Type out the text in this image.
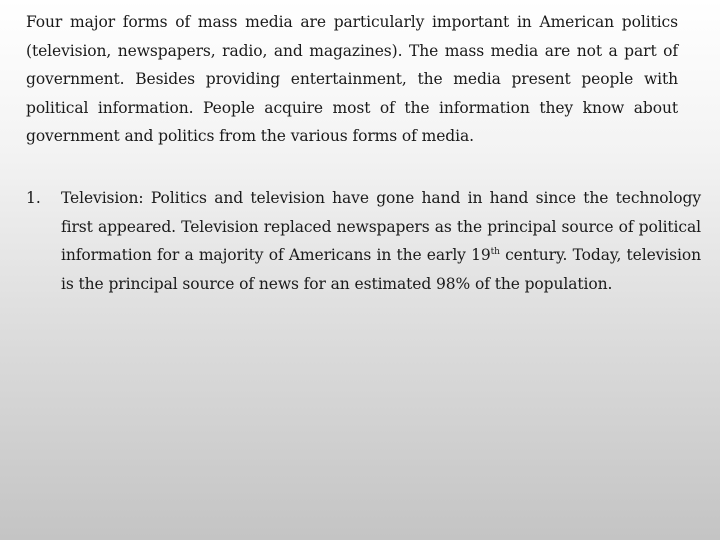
Four major forms of mass media are particularly important in American politics (television, newspapers, radio, and magazines). The mass media are not a part of government. Besides providing entertainment, the media present people with political information. People acquire most of the information they know about government and politics from the various forms of media.

1. Television: Politics and television have gone hand in hand since the technology first appeared. Television replaced newspapers as the principal source of political information for a majority of Americans in the early 19th century. Today, television is the principal source of news for an estimated 98% of the population.
